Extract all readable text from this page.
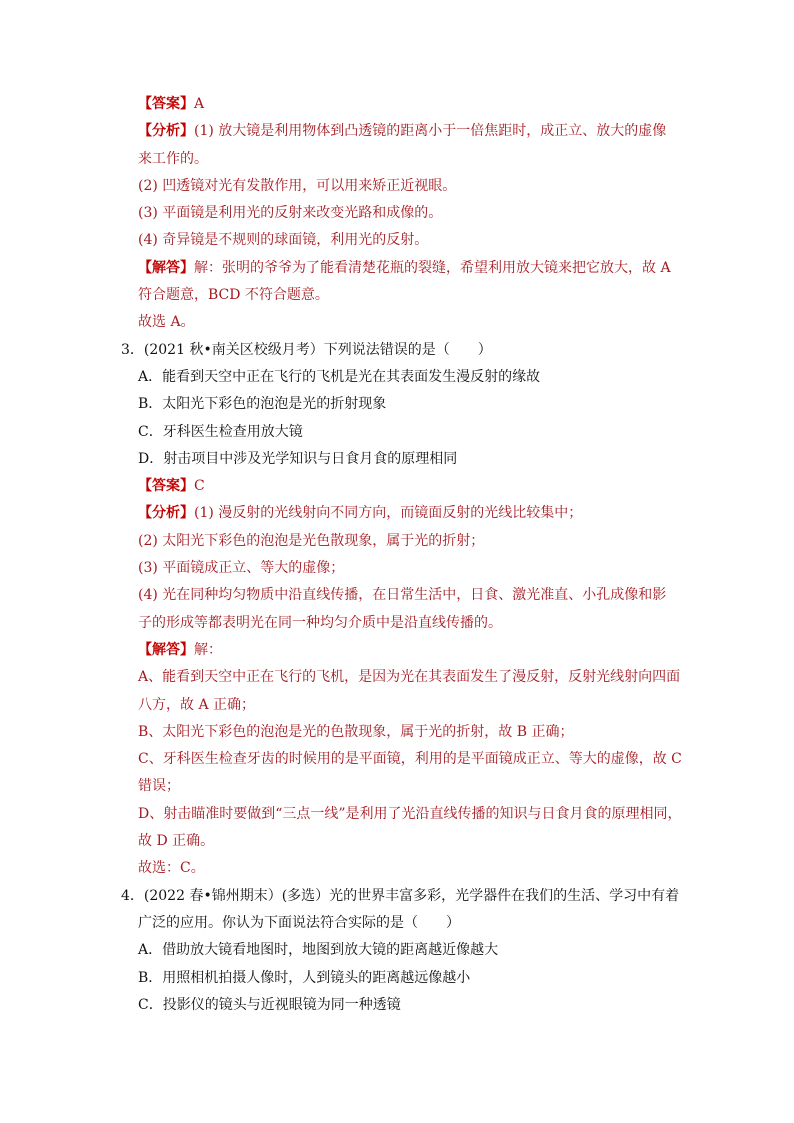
【答案】A
【分析】(1) 放大镜是利用物体到凸透镜的距离小于一倍焦距时，成正立、放大的虚像
来工作的。
(2) 凹透镜对光有发散作用，可以用来矫正近视眼。
(3) 平面镜是利用光的反射来改变光路和成像的。
(4) 奇异镜是不规则的球面镜，利用光的反射。
【解答】解：张明的爷爷为了能看清楚花瓶的裂缝，希望利用放大镜来把它放大，故 A
符合题意，BCD 不符合题意。
故选 A。
3．(2021 秋•南关区校级月考）下列说法错误的是（　　）
A．能看到天空中正在飞行的飞机是光在其表面发生漫反射的缘故
B．太阳光下彩色的泡泡是光的折射现象
C．牙科医生检查用放大镜
D．射击项目中涉及光学知识与日食月食的原理相同
【答案】C
【分析】(1) 漫反射的光线射向不同方向，而镜面反射的光线比较集中；
(2) 太阳光下彩色的泡泡是光色散现象，属于光的折射；
(3) 平面镜成正立、等大的虚像；
(4) 光在同种均匀物质中沿直线传播，在日常生活中，日食、激光准直、小孔成像和影
子的形成等都表明光在同一种均匀介质中是沿直线传播的。
【解答】解：
A、能看到天空中正在飞行的飞机，是因为光在其表面发生了漫反射，反射光线射向四面
八方，故 A 正确；
B、太阳光下彩色的泡泡是光的色散现象，属于光的折射，故 B 正确；
C、牙科医生检查牙齿的时候用的是平面镜，利用的是平面镜成正立、等大的虚像，故 C
错误；
D、射击瞄准时要做到“三点一线”是利用了光沿直线传播的知识与日食月食的原理相同，
故 D 正确。
故选：C。
4．(2022 春•锦州期末）(多选）光的世界丰富多彩，光学器件在我们的生活、学习中有着
广泛的应用。你认为下面说法符合实际的是（　　）
A．借助放大镜看地图时，地图到放大镜的距离越近像越大
B．用照相机拍摄人像时，人到镜头的距离越远像越小
C．投影仪的镜头与近视眼镜为同一种透镜
